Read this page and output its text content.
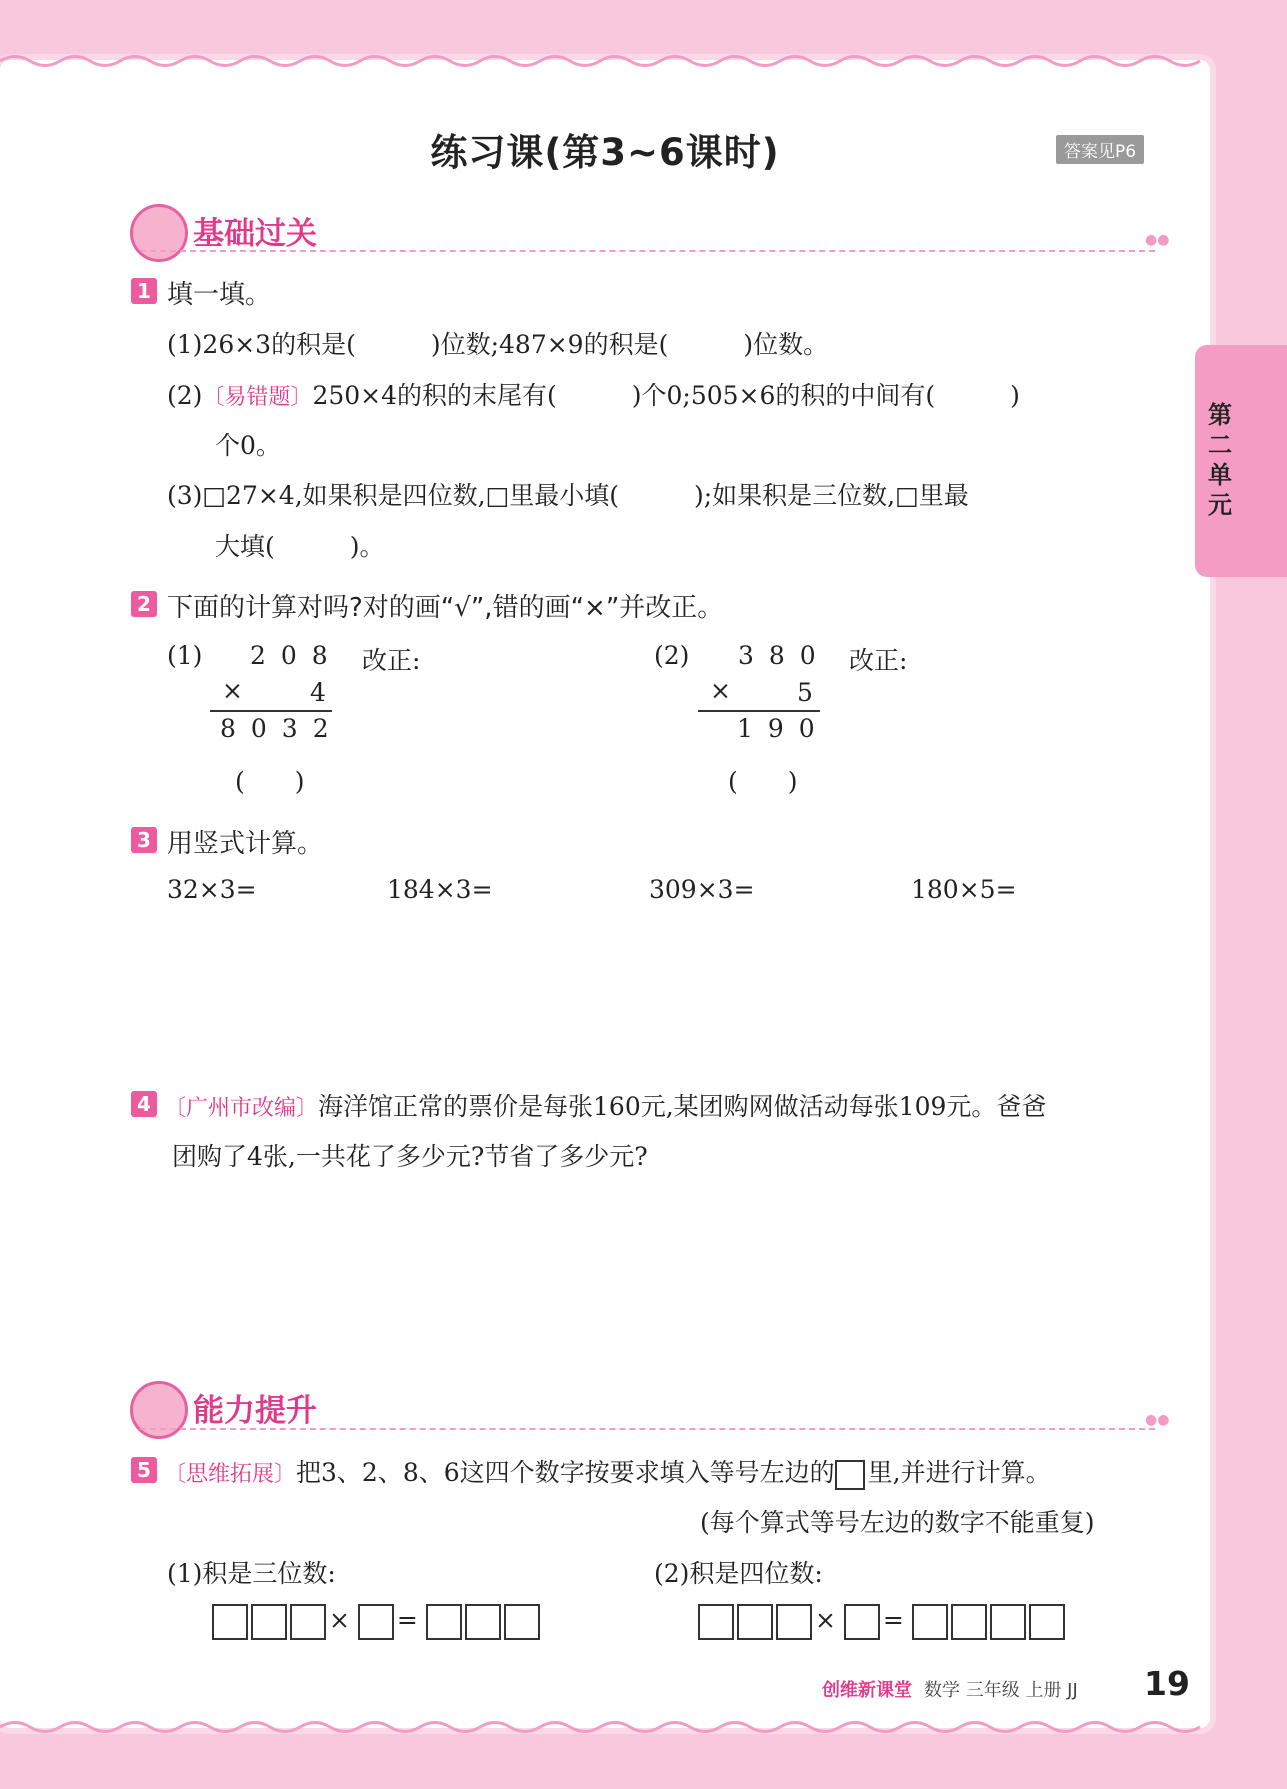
练习课(第3~6课时)	答案见P6
第二单元
基础过关	●●
1 填一填。
(1)26×3的积是(　　　)位数;487×9的积是(　　　)位数。
(2)〔易错题〕250×4的积的末尾有(　　　)个0;505×6的积的中间有(　　　)
个0。
(3)□27×4,如果积是四位数,□里最小填(　　　);如果积是三位数,□里最
大填(　　　)。
2 下面的计算对吗?对的画“√”,错的画“×”并改正。
(1) 208 改正:
×	4
8032
(　　)
(2) 380 改正:
×	5
190
(　　)
3 用竖式计算。
32×3=	184×3=	309×3=	180×5=
4 〔广州市改编〕海洋馆正常的票价是每张160元,某团购网做活动每张109元。爸爸
团购了4张,一共花了多少元?节省了多少元?
能力提升	●●
5 〔思维拓展〕把3、2、8、6这四个数字按要求填入等号左边的 里,并进行计算。
(每个算式等号左边的数字不能重复)
(1)积是三位数:	(2)积是四位数:
× =	× =
创维新课堂 数学 三年级 上册 JJ 19
